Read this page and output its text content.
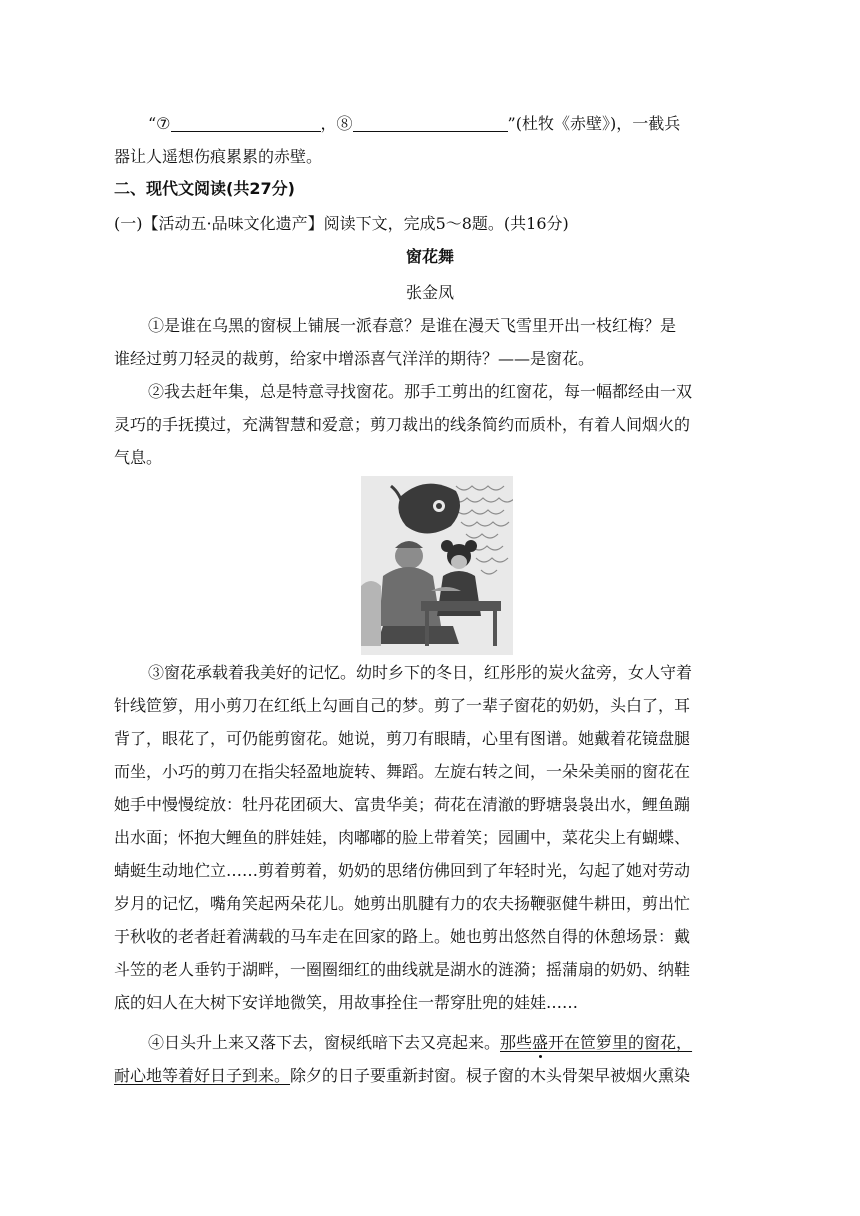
“⑦	，⑧	”(杜牧《赤壁》)，一截兵
器让人遥想伤痕累累的赤壁。
二、现代文阅读(共27分)
(一)【活动五·品味文化遗产】阅读下文，完成5～8题。(共16分)
窗花舞
张金凤
①是谁在乌黑的窗棂上铺展一派春意？是谁在漫天飞雪里开出一枝红梅？是
谁经过剪刀轻灵的裁剪，给家中增添喜气洋洋的期待？——是窗花。
②我去赶年集，总是特意寻找窗花。那手工剪出的红窗花，每一幅都经由一双
灵巧的手抚摸过，充满智慧和爱意；剪刀裁出的线条简约而质朴，有着人间烟火的
气息。
③窗花承载着我美好的记忆。幼时乡下的冬日，红彤彤的炭火盆旁，女人守着
针线笸箩，用小剪刀在红纸上勾画自己的梦。剪了一辈子窗花的奶奶，头白了，耳
背了，眼花了，可仍能剪窗花。她说，剪刀有眼睛，心里有图谱。她戴着花镜盘腿
而坐，小巧的剪刀在指尖轻盈地旋转、舞蹈。左旋右转之间，一朵朵美丽的窗花在
她手中慢慢绽放：牡丹花团硕大、富贵华美；荷花在清澈的野塘袅袅出水，鲤鱼蹦
出水面；怀抱大鲤鱼的胖娃娃，肉嘟嘟的脸上带着笑；园圃中，菜花尖上有蝴蝶、
蜻蜓生动地伫立……剪着剪着，奶奶的思绪仿佛回到了年轻时光，勾起了她对劳动
岁月的记忆，嘴角笑起两朵花儿。她剪出肌腱有力的农夫扬鞭驱健牛耕田，剪出忙
于秋收的老者赶着满载的马车走在回家的路上。她也剪出悠然自得的休憩场景：戴
斗笠的老人垂钓于湖畔，一圈圈细红的曲线就是湖水的涟漪；摇蒲扇的奶奶、纳鞋
底的妇人在大树下安详地微笑，用故事拴住一帮穿肚兜的娃娃……
④日头升上来又落下去，窗棂纸暗下去又亮起来。那些盛开在笸箩里的窗花，
耐心地等着好日子到来。除夕的日子要重新封窗。棂子窗的木头骨架早被烟火熏染
